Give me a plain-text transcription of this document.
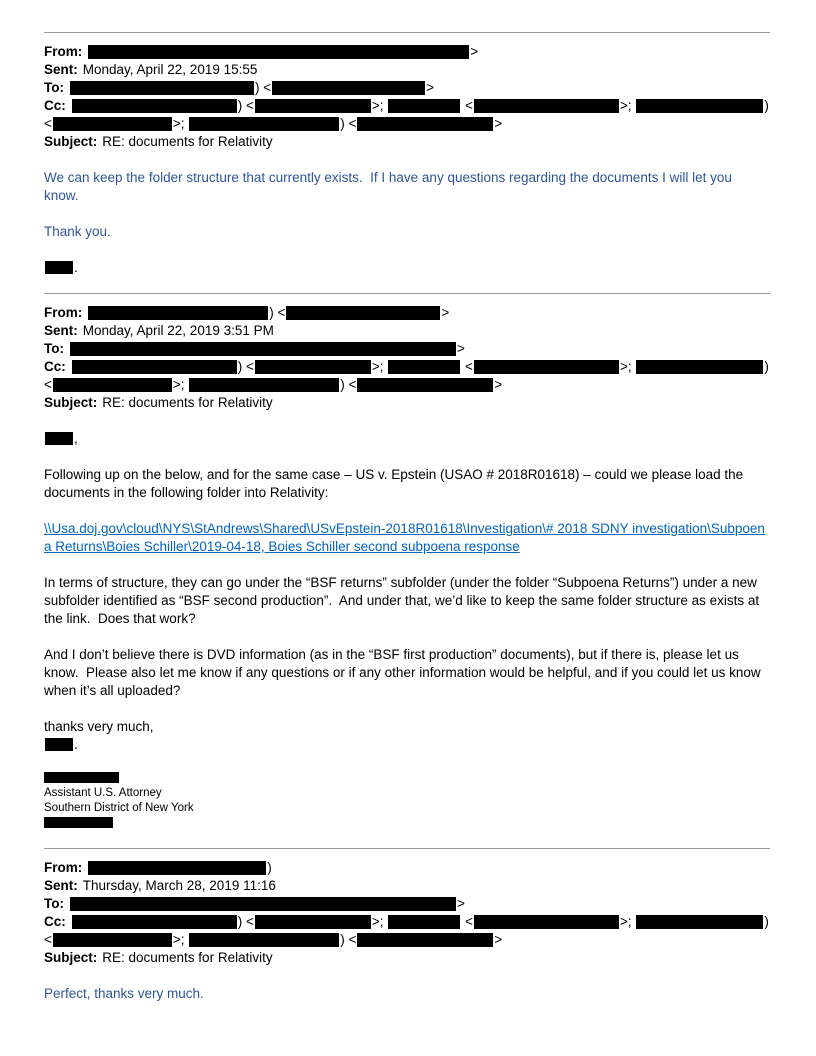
From:	>
Sent: Monday, April 22, 2019 15:55
To:	) <	>
Cc:	) <	>;	<	>;	)
<	>;	) <	>
Subject: RE: documents for Relativity

We can keep the folder structure that currently exists.  If I have any questions regarding the documents I will let you know.

Thank you.

.

From:	) <	>
Sent: Monday, April 22, 2019 3:51 PM
To:	>
Cc:	) <	>;	<	>;	)
<	>;	) <	>
Subject: RE: documents for Relativity

,

Following up on the below, and for the same case – US v. Epstein (USAO # 2018R01618) – could we please load the documents in the following folder into Relativity:

\\Usa.doj.gov\cloud\NYS\StAndrews\Shared\USvEpstein-2018R01618\Investigation\# 2018 SDNY investigation\Subpoena Returns\Boies Schiller\2019-04-18, Boies Schiller second subpoena response

In terms of structure, they can go under the “BSF returns” subfolder (under the folder “Subpoena Returns”) under a new subfolder identified as “BSF second production”.  And under that, we’d like to keep the same folder structure as exists at the link.  Does that work?

And I don’t believe there is DVD information (as in the “BSF first production” documents), but if there is, please let us know.  Please also let me know if any questions or if any other information would be helpful, and if you could let us know when it’s all uploaded?

thanks very much,

.

Assistant U.S. Attorney
Southern District of New York
From:	)
Sent: Thursday, March 28, 2019 11:16
To:	>
Cc:	) <	>;	<	>;	)
<	>;	) <	>
Subject: RE: documents for Relativity

Perfect, thanks very much.
